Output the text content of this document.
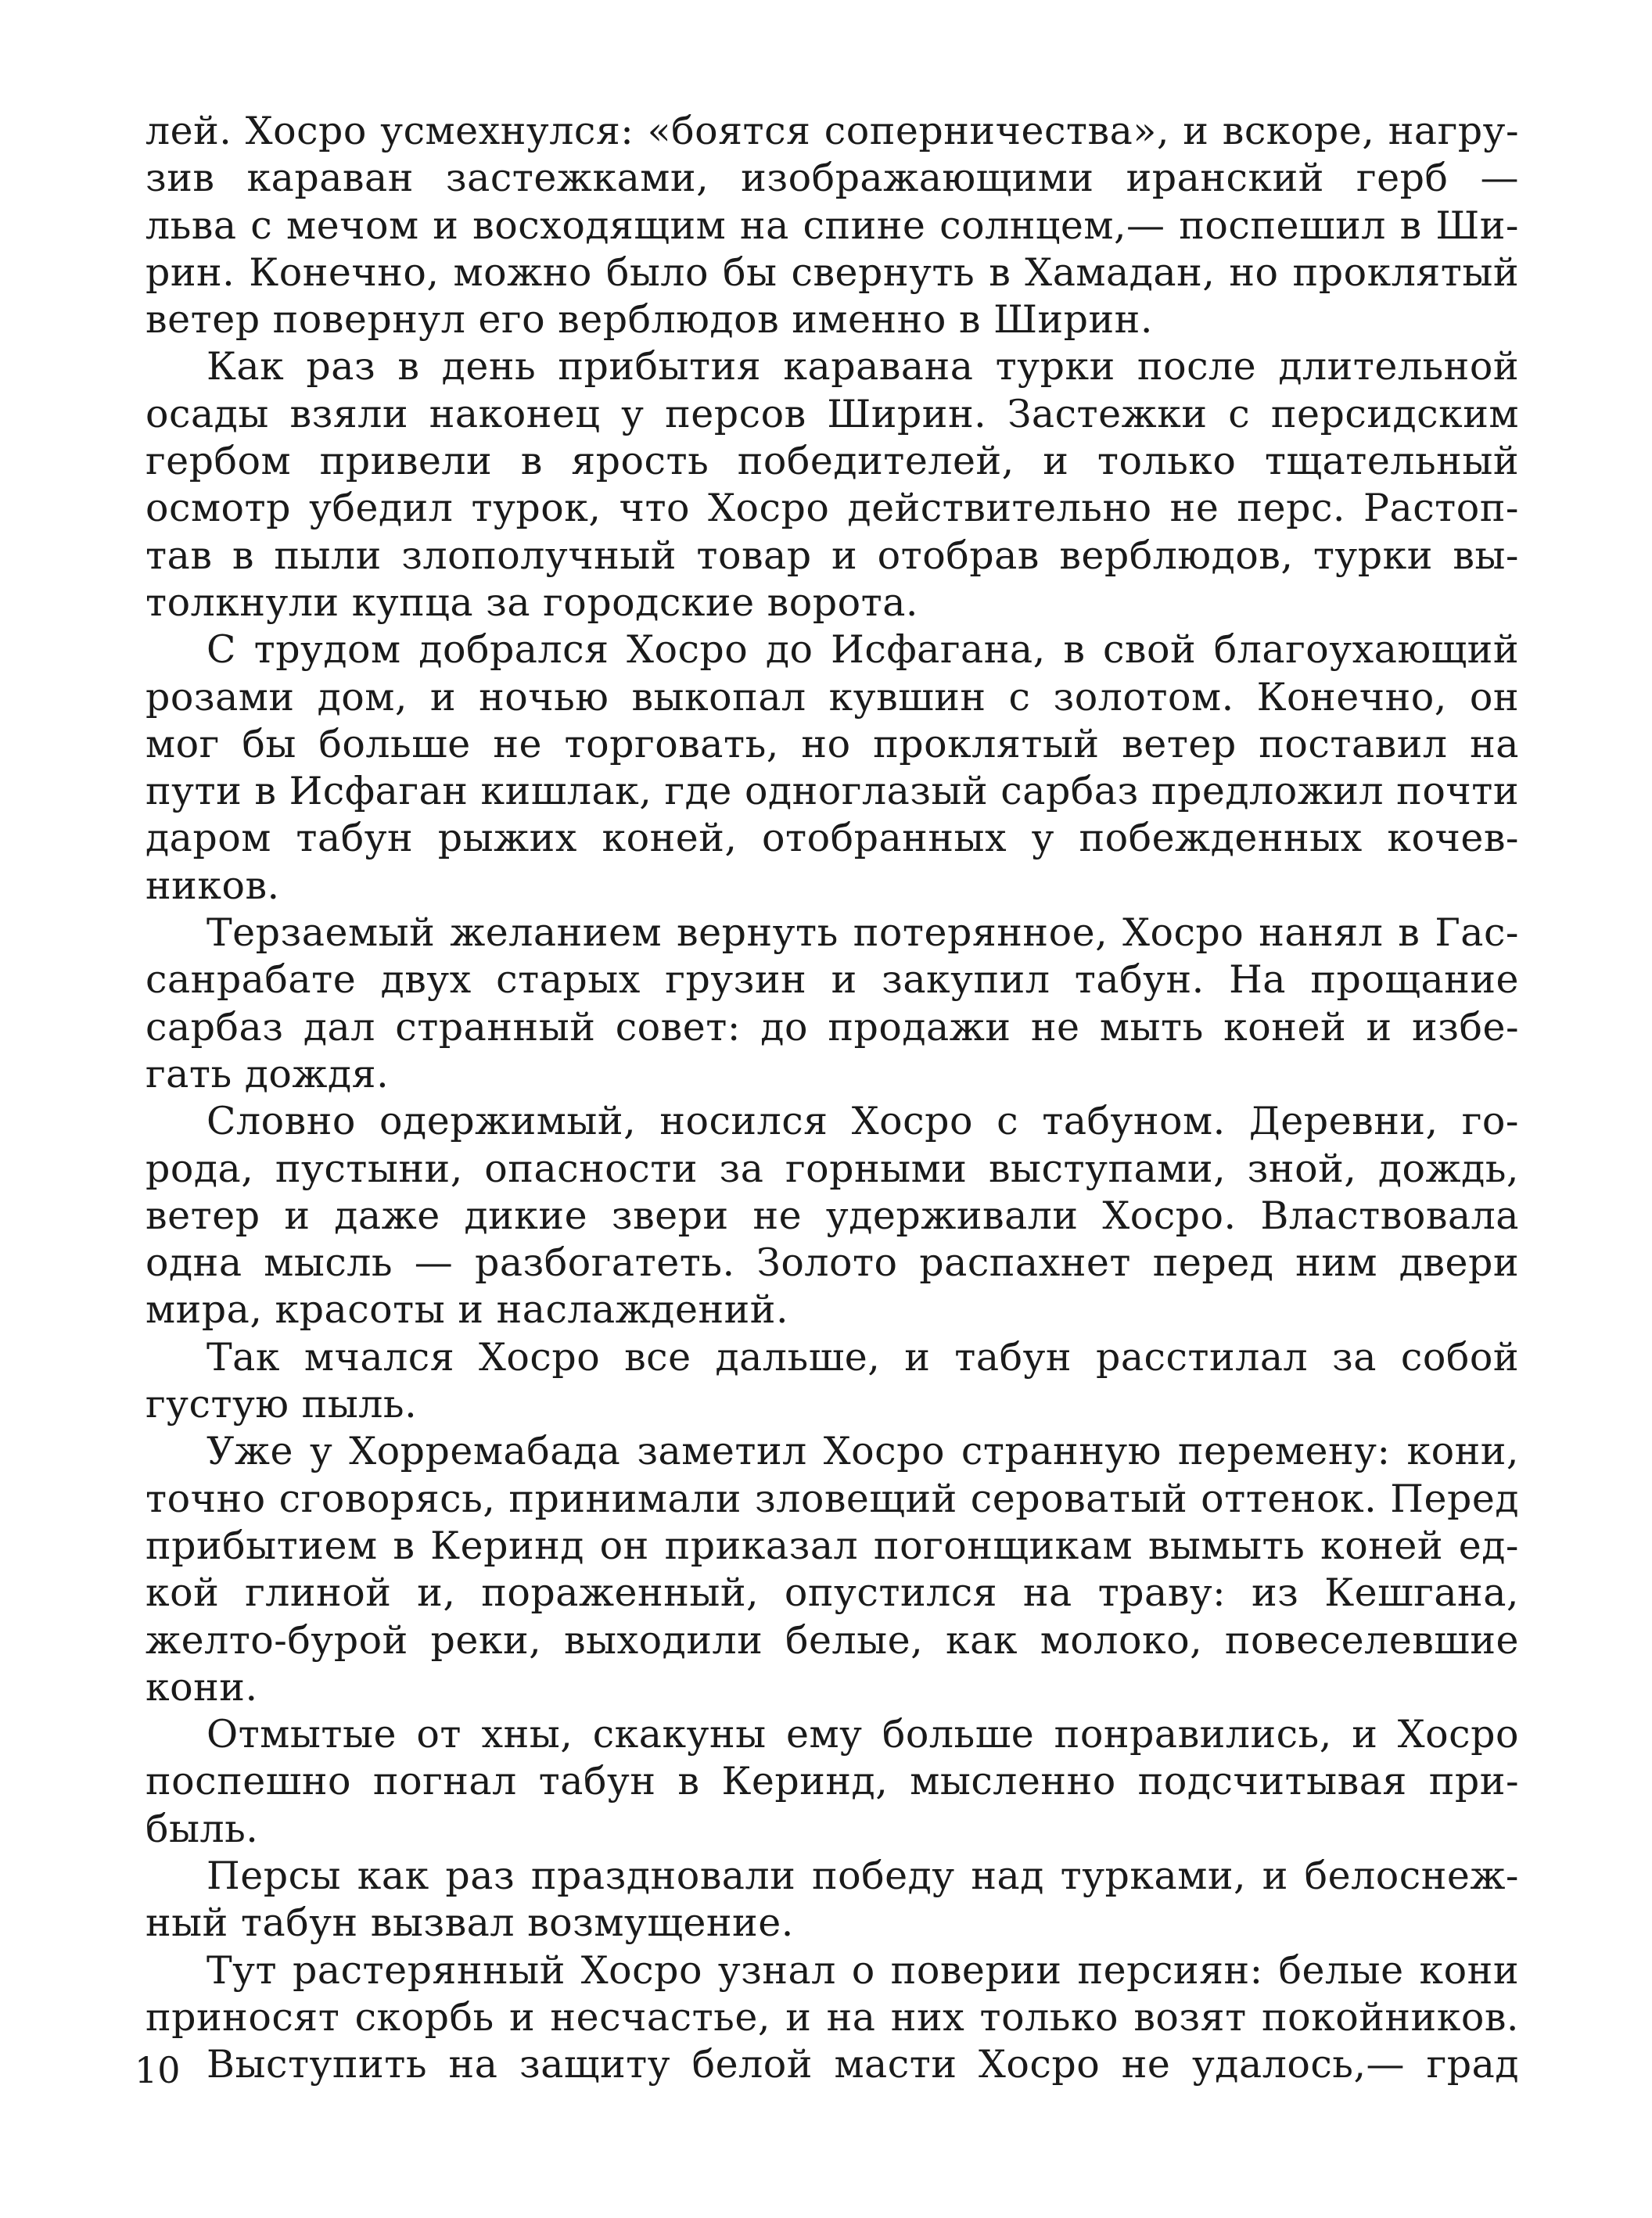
лей. Хосро усмехнулся: «боятся соперничества», и вскоре, нагру-
зив караван застежками, изображающими иранский герб —
льва с мечом и восходящим на спине солнцем,— поспешил в Ши-
рин. Конечно, можно было бы свернуть в Хамадан, но проклятый
ветер повернул его верблюдов именно в Ширин.
Как раз в день прибытия каравана турки после длительной
осады взяли наконец у персов Ширин. Застежки с персидским
гербом привели в ярость победителей, и только тщательный
осмотр убедил турок, что Хосро действительно не перс. Растоп-
тав в пыли злополучный товар и отобрав верблюдов, турки вы-
толкнули купца за городские ворота.
С трудом добрался Хосро до Исфагана, в свой благоухающий
розами дом, и ночью выкопал кувшин с золотом. Конечно, он
мог бы больше не торговать, но проклятый ветер поставил на
пути в Исфаган кишлак, где одноглазый сарбаз предложил почти
даром табун рыжих коней, отобранных у побежденных кочев-
ников.
Терзаемый желанием вернуть потерянное, Хосро нанял в Гас-
санрабате двух старых грузин и закупил табун. На прощание
сарбаз дал странный совет: до продажи не мыть коней и избе-
гать дождя.
Словно одержимый, носился Хосро с табуном. Деревни, го-
рода, пустыни, опасности за горными выступами, зной, дождь,
ветер и даже дикие звери не удерживали Хосро. Властвовала
одна мысль — разбогатеть. Золото распахнет перед ним двери
мира, красоты и наслаждений.
Так мчался Хосро все дальше, и табун расстилал за собой
густую пыль.
Уже у Хорремабада заметил Хосро странную перемену: кони,
точно сговорясь, принимали зловещий сероватый оттенок. Перед
прибытием в Керинд он приказал погонщикам вымыть коней ед-
кой глиной и, пораженный, опустился на траву: из Кешгана,
желто-бурой реки, выходили белые, как молоко, повеселевшие
кони.
Отмытые от хны, скакуны ему больше понравились, и Хосро
поспешно погнал табун в Керинд, мысленно подсчитывая при-
быль.
Персы как раз праздновали победу над турками, и белоснеж-
ный табун вызвал возмущение.
Тут растерянный Хосро узнал о поверии персиян: белые кони
приносят скорбь и несчастье, и на них только возят покойников.
Выступить на защиту белой масти Хосро не удалось,— град
10
